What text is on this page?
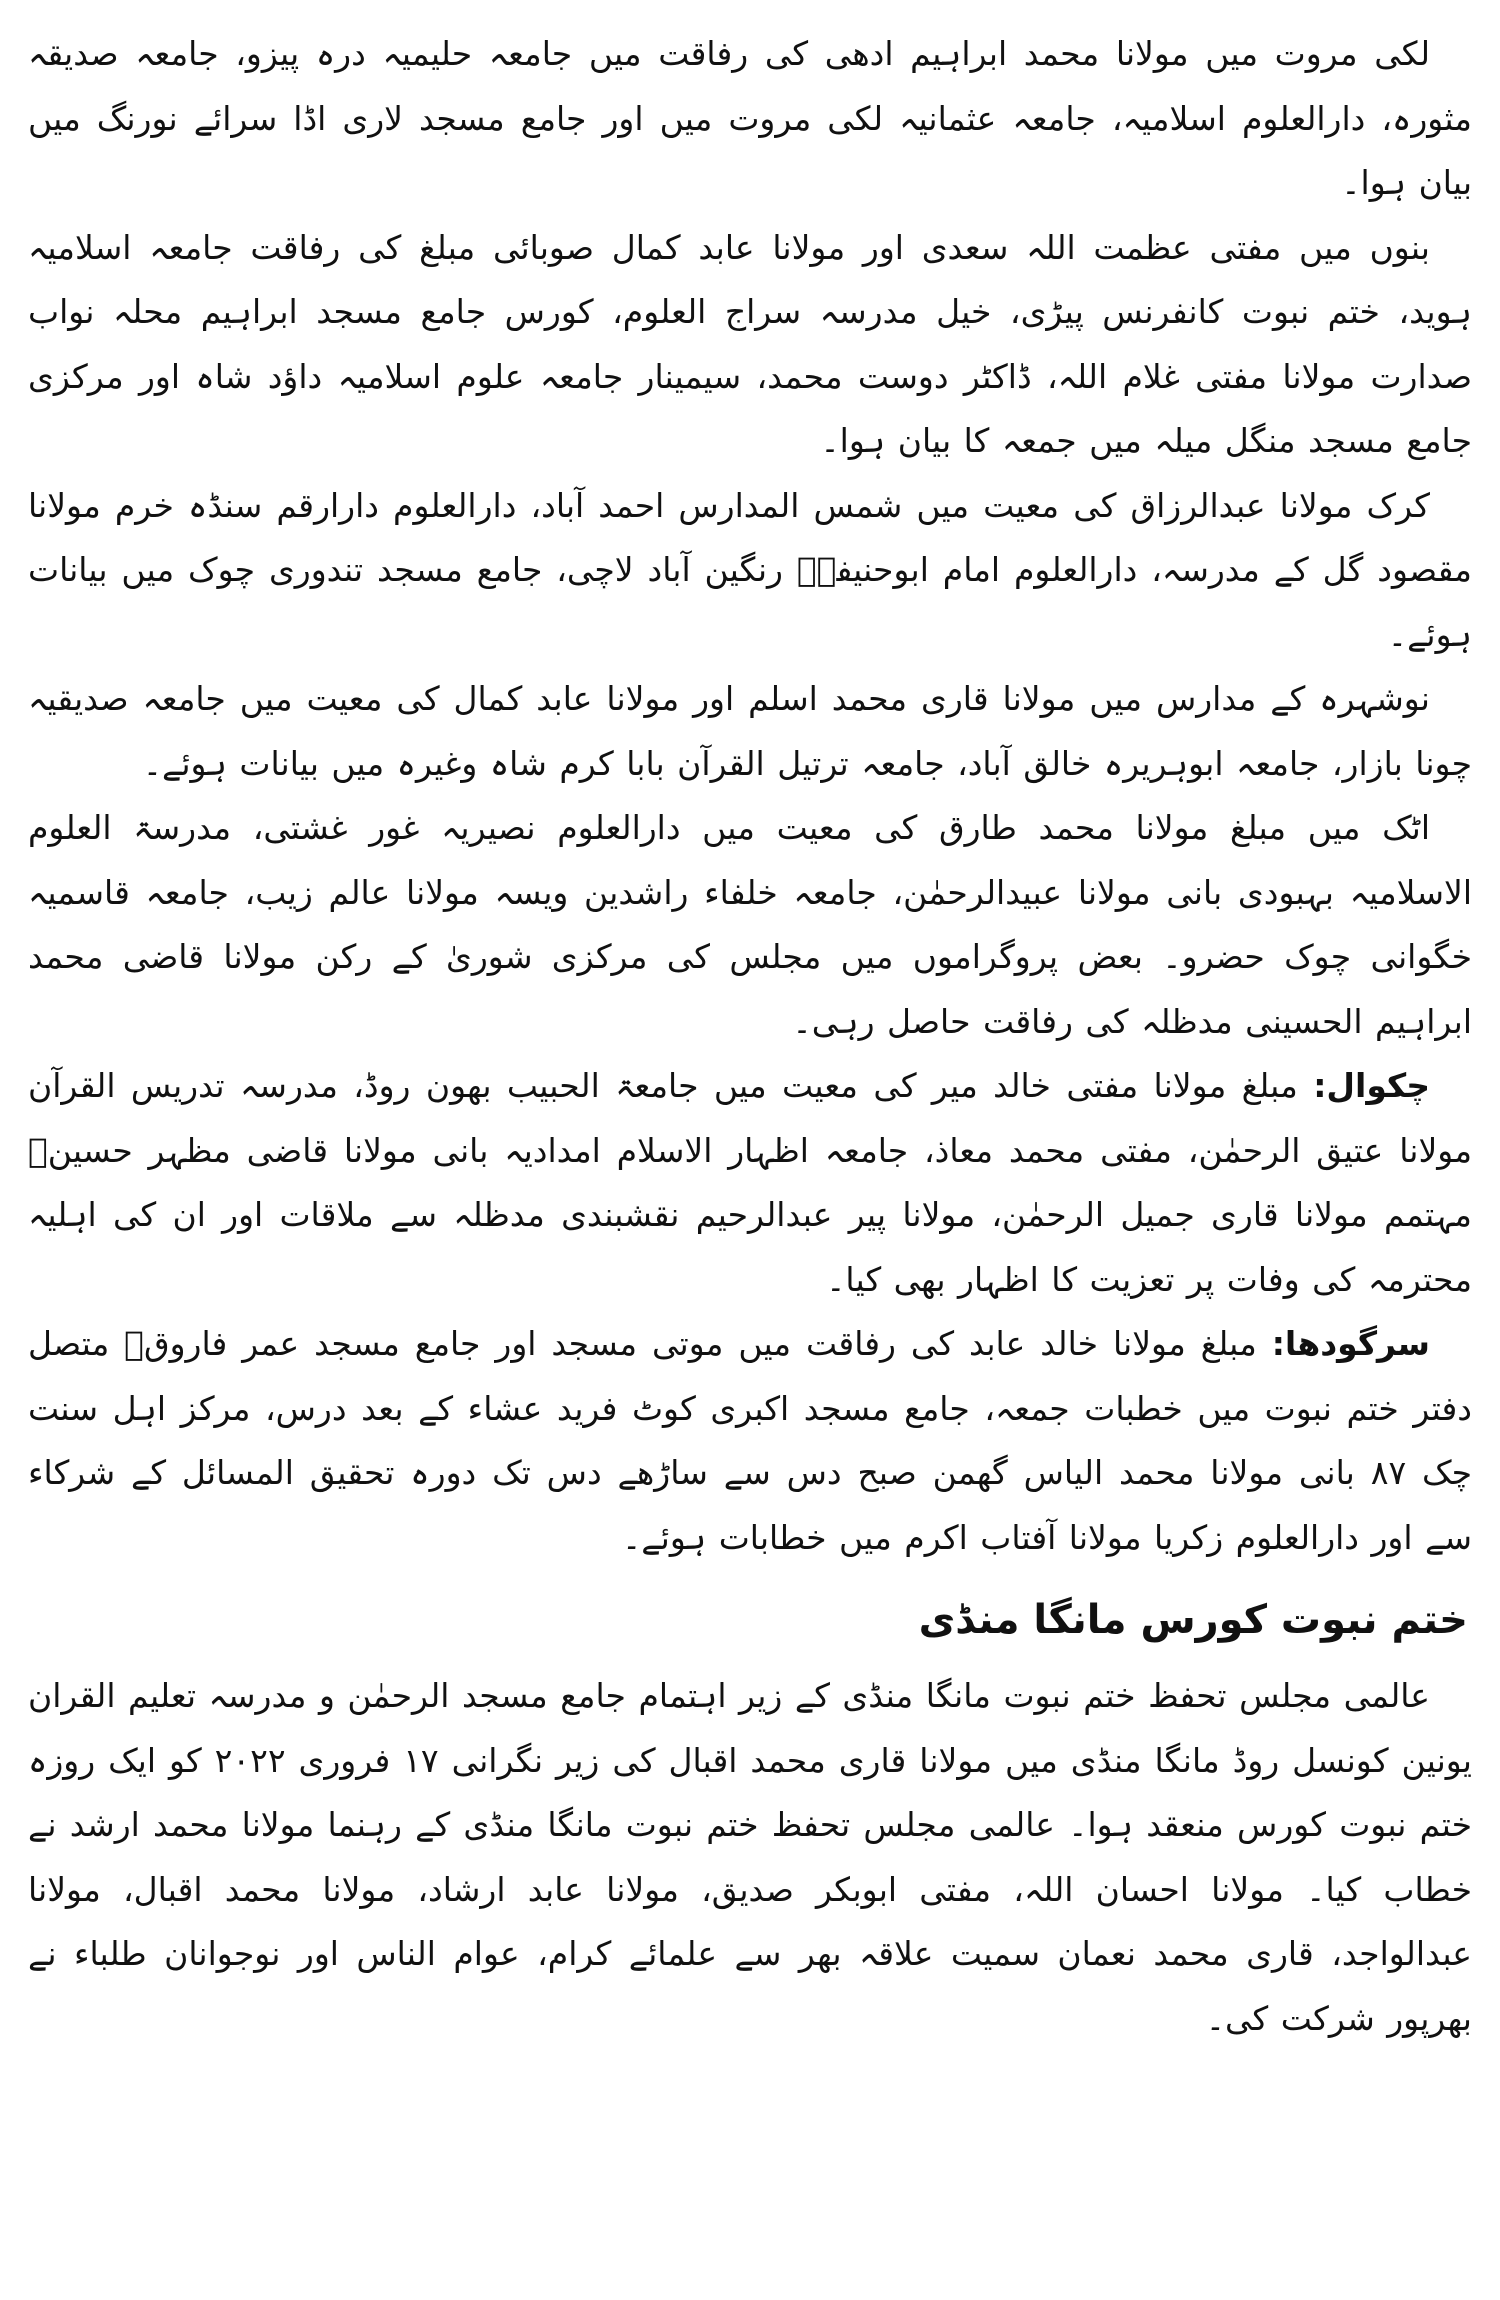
لکی مروت میں مولانا محمد ابراہیم ادھی کی رفاقت میں جامعہ حلیمیہ درہ پیزو، جامعہ صدیقہ مثورہ، دارالعلوم اسلامیہ، جامعہ عثمانیہ لکی مروت میں اور جامع مسجد لاری اڈا سرائے نورنگ میں بیان ہوا۔

بنوں میں مفتی عظمت اللہ سعدی اور مولانا عابد کمال صوبائی مبلغ کی رفاقت جامعہ اسلامیہ ہوید، ختم نبوت کانفرنس پیڑی، خیل مدرسہ سراج العلوم، کورس جامع مسجد ابراہیم محلہ نواب صدارت مولانا مفتی غلام اللہ، ڈاکٹر دوست محمد، سیمینار جامعہ علوم اسلامیہ داؤد شاہ اور مرکزی جامع مسجد منگل میلہ میں جمعہ کا بیان ہوا۔

کرک مولانا عبدالرزاق کی معیت میں شمس المدارس احمد آباد، دارالعلوم دارارقم سنڈہ خرم مولانا مقصود گل کے مدرسہ، دارالعلوم امام ابوحنیفہؒ رنگین آباد لاچی، جامع مسجد تندوری چوک میں بیانات ہوئے۔

نوشہرہ کے مدارس میں مولانا قاری محمد اسلم اور مولانا عابد کمال کی معیت میں جامعہ صدیقیہ چونا بازار، جامعہ ابوہریرہ خالق آباد، جامعہ ترتیل القرآن بابا کرم شاہ وغیرہ میں بیانات ہوئے۔

اٹک میں مبلغ مولانا محمد طارق کی معیت میں دارالعلوم نصیریہ غور غشتی، مدرسۃ العلوم الاسلامیہ بہبودی بانی مولانا عبیدالرحمٰن، جامعہ خلفاء راشدین ویسہ مولانا عالم زیب، جامعہ قاسمیہ خگوانی چوک حضرو۔ بعض پروگراموں میں مجلس کی مرکزی شوریٰ کے رکن مولانا قاضی محمد ابراہیم الحسینی مدظلہ کی رفاقت حاصل رہی۔

چکوال: مبلغ مولانا مفتی خالد میر کی معیت میں جامعۃ الحبیب بھون روڈ، مدرسہ تدریس القرآن مولانا عتیق الرحمٰن، مفتی محمد معاذ، جامعہ اظہار الاسلام امدادیہ بانی مولانا قاضی مظہر حسینؒ مہتمم مولانا قاری جمیل الرحمٰن، مولانا پیر عبدالرحیم نقشبندی مدظلہ سے ملاقات اور ان کی اہلیہ محترمہ کی وفات پر تعزیت کا اظہار بھی کیا۔

سرگودھا: مبلغ مولانا خالد عابد کی رفاقت میں موتی مسجد اور جامع مسجد عمر فاروقؓ متصل دفتر ختم نبوت میں خطبات جمعہ، جامع مسجد اکبری کوٹ فرید عشاء کے بعد درس، مرکز اہل سنت چک ۸۷ بانی مولانا محمد الیاس گھمن صبح دس سے ساڑھے دس تک دورہ تحقیق المسائل کے شرکاء سے اور دارالعلوم زکریا مولانا آفتاب اکرم میں خطابات ہوئے۔

ختم نبوت کورس مانگا منڈی

عالمی مجلس تحفظ ختم نبوت مانگا منڈی کے زیر اہتمام جامع مسجد الرحمٰن و مدرسہ تعلیم القران یونین کونسل روڈ مانگا منڈی میں مولانا قاری محمد اقبال کی زیر نگرانی ۱۷ فروری ۲۰۲۲ کو ایک روزہ ختم نبوت کورس منعقد ہوا۔ عالمی مجلس تحفظ ختم نبوت مانگا منڈی کے رہنما مولانا محمد ارشد نے خطاب کیا۔ مولانا احسان اللہ، مفتی ابوبکر صدیق، مولانا عابد ارشاد، مولانا محمد اقبال، مولانا عبدالواجد، قاری محمد نعمان سمیت علاقہ بھر سے علمائے کرام، عوام الناس اور نوجوانان طلباء نے بھرپور شرکت کی۔
